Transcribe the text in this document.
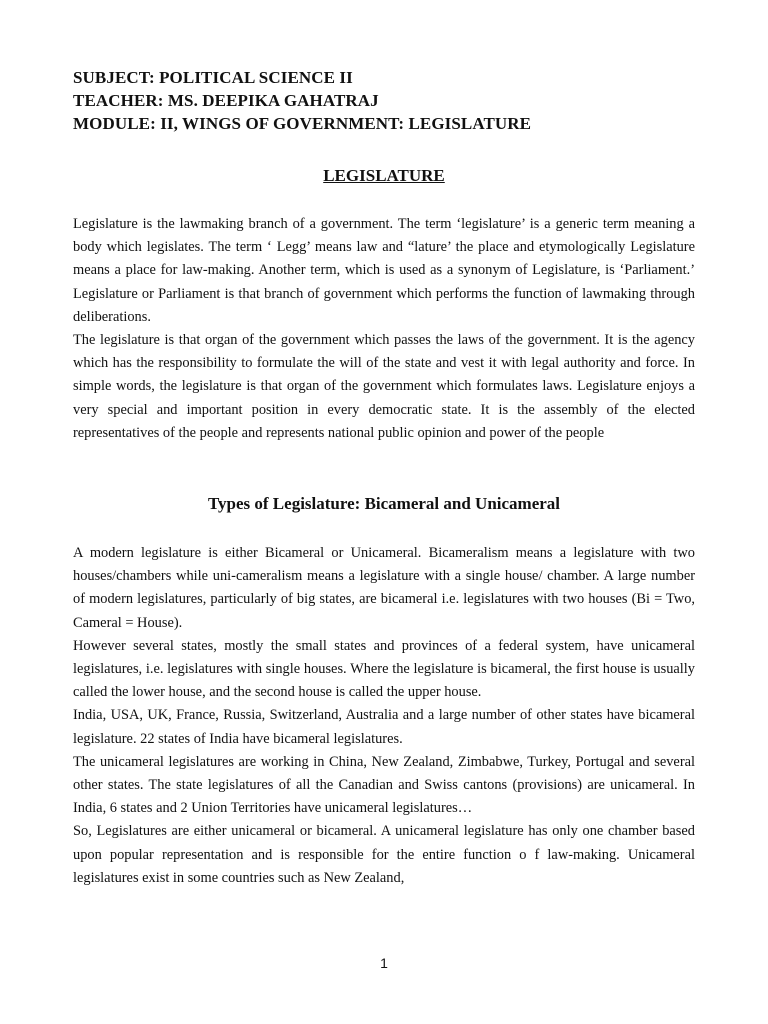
SUBJECT: POLITICAL SCIENCE II
TEACHER: MS. DEEPIKA GAHATRAJ
MODULE: II, WINGS OF GOVERNMENT: LEGISLATURE
LEGISLATURE

Legislature is the lawmaking branch of a government. The term ‘legislature’ is a generic term meaning a body which legislates. The term ‘ Legg’ means law and “lature’ the place and etymologically Legislature means a place for law-making. Another term, which is used as a synonym of Legislature, is ‘Parliament.’ Legislature or Parliament is that branch of government which performs the function of lawmaking through deliberations.

The legislature is that organ of the government which passes the laws of the government. It is the agency which has the responsibility to formulate the will of the state and vest it with legal authority and force. In simple words, the legislature is that organ of the government which formulates laws. Legislature enjoys a very special and important position in every democratic state. It is the assembly of the elected representatives of the people and represents national public opinion and power of the people

Types of Legislature: Bicameral and Unicameral

A modern legislature is either Bicameral or Unicameral. Bicameralism means a legislature with two houses/chambers while uni-cameralism means a legislature with a single house/ chamber. A large number of modern legislatures, particularly of big states, are bicameral i.e. legislatures with two houses (Bi = Two, Cameral = House).

However several states, mostly the small states and provinces of a federal system, have unicameral legislatures, i.e. legislatures with single houses. Where the legislature is bicameral, the first house is usually called the lower house, and the second house is called the upper house.

India, USA, UK, France, Russia, Switzerland, Australia and a large number of other states have bicameral legislature. 22 states of India have bicameral legislatures.

The unicameral legislatures are working in China, New Zealand, Zimbabwe, Turkey, Portugal and several other states. The state legislatures of all the Canadian and Swiss cantons (provisions) are unicameral. In India, 6 states and 2 Union Territories have unicameral legislatures…

So, Legislatures are either unicameral or bicameral. A unicameral legislature has only one chamber based upon popular representation and is responsible for the entire function o f law-making. Unicameral legislatures exist in some countries such as New Zealand,

1
